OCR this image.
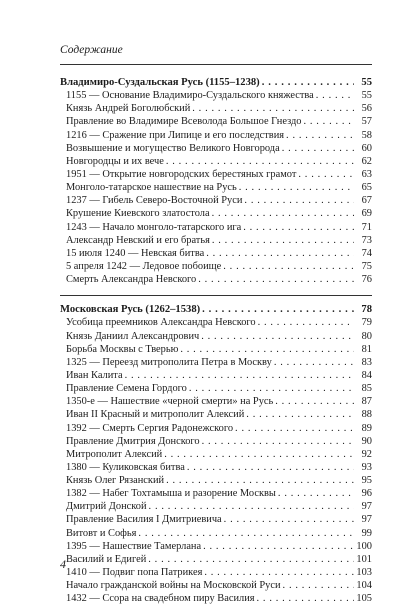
Содержание
Владимиро-Суздальская Русь (1155–1238) . . .	55
1155 — Основание Владимиро-Суздальского княжества . . .	55
Князь Андрей Боголюбский . . .	56
Правление во Владимире Всеволода Большое Гнездо . . .	57
1216 — Сражение при Липице и его последствия . . .	58
Возвышение и могущество Великого Новгорода . . .	60
Новгородцы и их вече . . .	62
1951 — Открытие новгородских берестяных грамот . . .	63
Монголо-татарское нашествие на Русь . . .	65
1237 — Гибель Северо-Восточной Руси . . .	67
Крушение Киевского златостола . . .	69
1243 — Начало монголо-татарского ига . . .	71
Александр Невский и его братья . . .	73
15 июля 1240 — Невская битва . . .	74
5 апреля 1242 — Ледовое побоище . . .	75
Смерть Александра Невского . . .	76
Московская Русь (1262–1538) . . .	78
Усобица преемников Александра Невского . . .	79
Князь Даниил Александрович . . .	80
Борьба Москвы с Тверью . . .	81
1325 — Переезд митрополита Петра в Москву . . .	83
Иван Калита . . .	84
Правление Семена Гордого . . .	85
1350-е — Нашествие «черной смерти» на Русь . . .	87
Иван II Красный и митрополит Алексий . . .	88
1392 — Смерть Сергия Радонежского . . .	89
Правление Дмитрия Донского . . .	90
Митрополит Алексий . . .	92
1380 — Куликовская битва . . .	93
Князь Олег Рязанский . . .	95
1382 — Набег Тохтамыша и разорение Москвы . . .	96
Дмитрий Донской . . .	97
Правление Василия I Дмитриевича . . .	97
Витовт и Софья . . .	99
1395 — Нашествие Тамерлана . . .	100
Василий и Едигей . . .	101
1410 — Подвиг попа Патрикея . . .	103
Начало гражданской войны на Московской Руси . . .	104
1432 — Ссора на свадебном пиру Василия . . .	105
4
